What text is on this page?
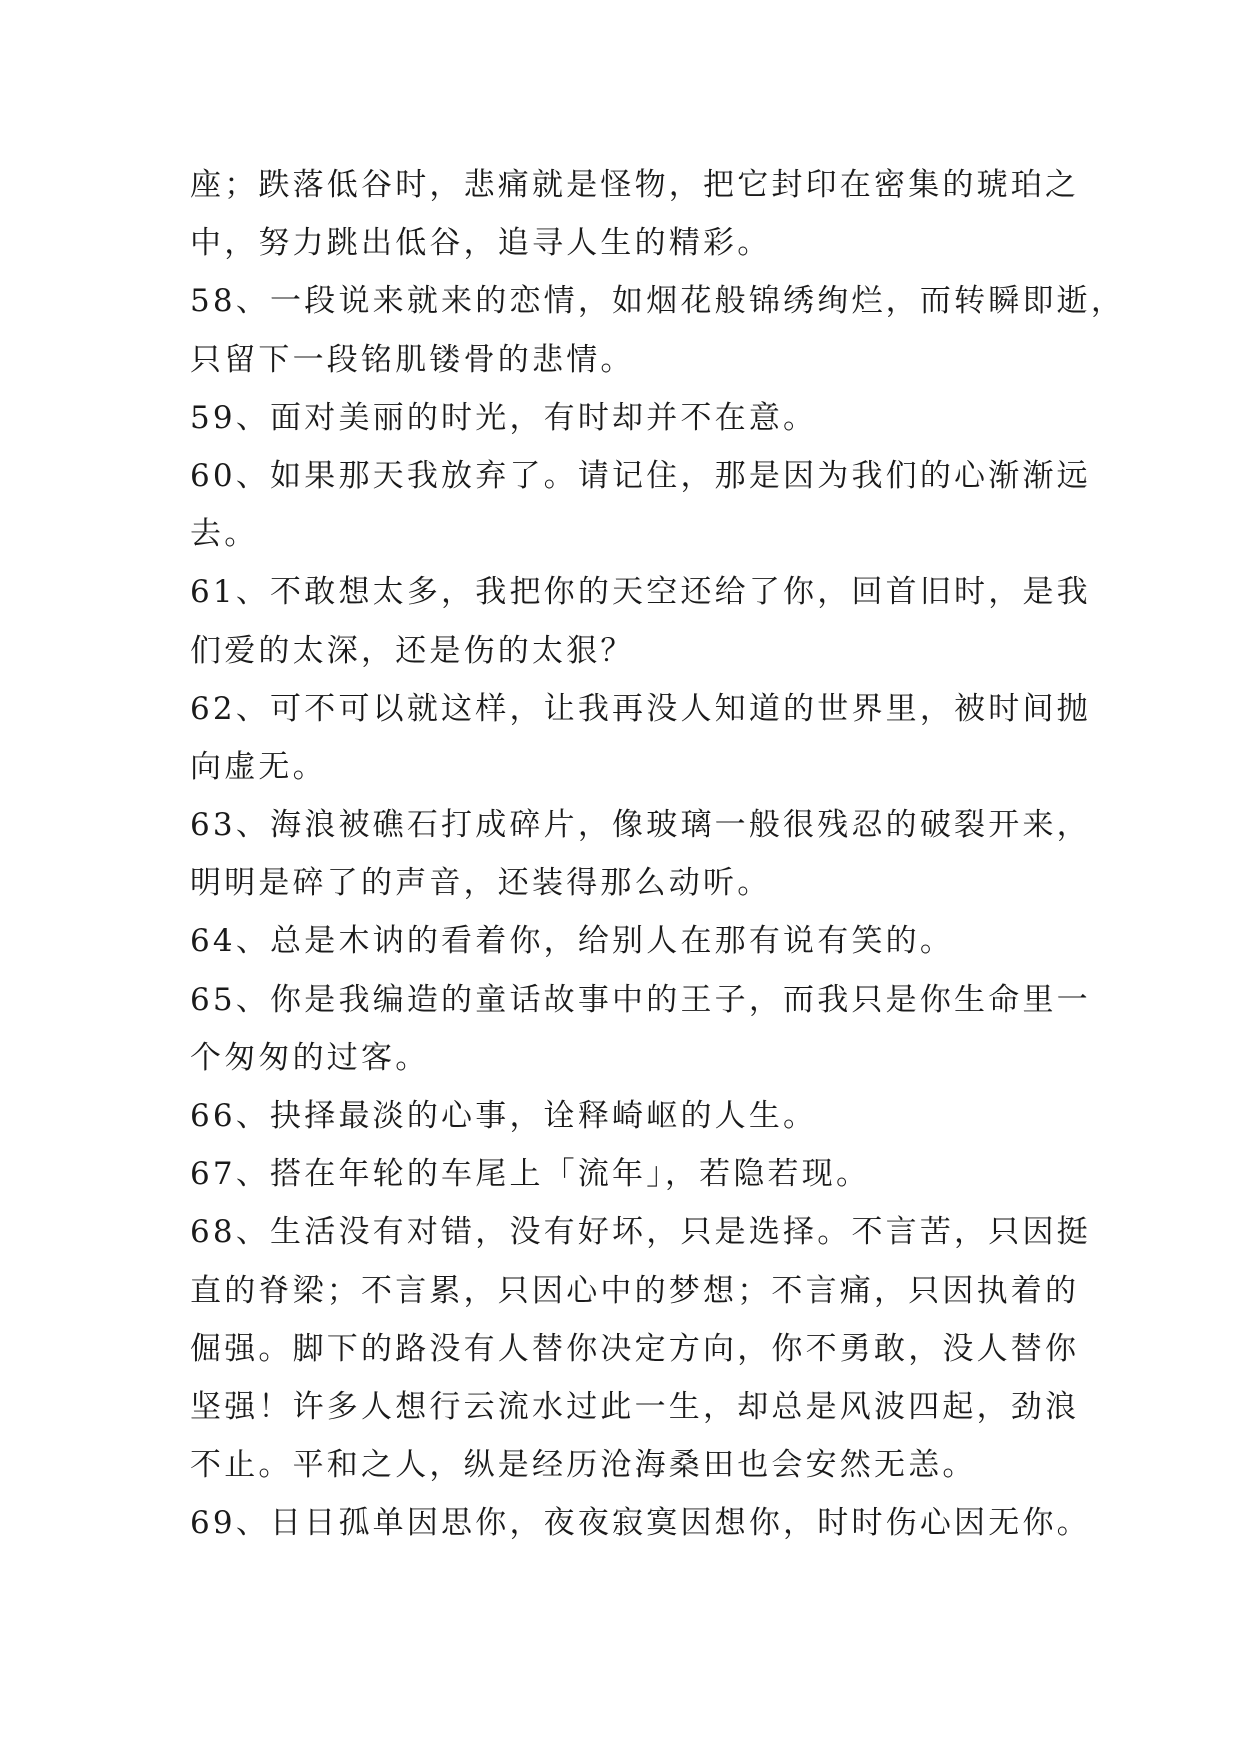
座；跌落低谷时，悲痛就是怪物，把它封印在密集的琥珀之
中，努力跳出低谷，追寻人生的精彩。
58、一段说来就来的恋情，如烟花般锦绣绚烂，而转瞬即逝，
只留下一段铭肌镂骨的悲情。
59、面对美丽的时光，有时却并不在意。
60、如果那天我放弃了。请记住，那是因为我们的心渐渐远
去。
61、不敢想太多，我把你的天空还给了你，回首旧时，是我
们爱的太深，还是伤的太狠？
62、可不可以就这样，让我再没人知道的世界里，被时间抛
向虚无。
63、海浪被礁石打成碎片，像玻璃一般很残忍的破裂开来，
明明是碎了的声音，还装得那么动听。
64、总是木讷的看着你，给别人在那有说有笑的。
65、你是我编造的童话故事中的王子，而我只是你生命里一
个匆匆的过客。
66、抉择最淡的心事，诠释崎岖的人生。
67、搭在年轮的车尾上「流年」，若隐若现。
68、生活没有对错，没有好坏，只是选择。不言苦，只因挺
直的脊梁；不言累，只因心中的梦想；不言痛，只因执着的
倔强。脚下的路没有人替你决定方向，你不勇敢，没人替你
坚强！许多人想行云流水过此一生，却总是风波四起，劲浪
不止。平和之人，纵是经历沧海桑田也会安然无恙。
69、日日孤单因思你，夜夜寂寞因想你，时时伤心因无你。
